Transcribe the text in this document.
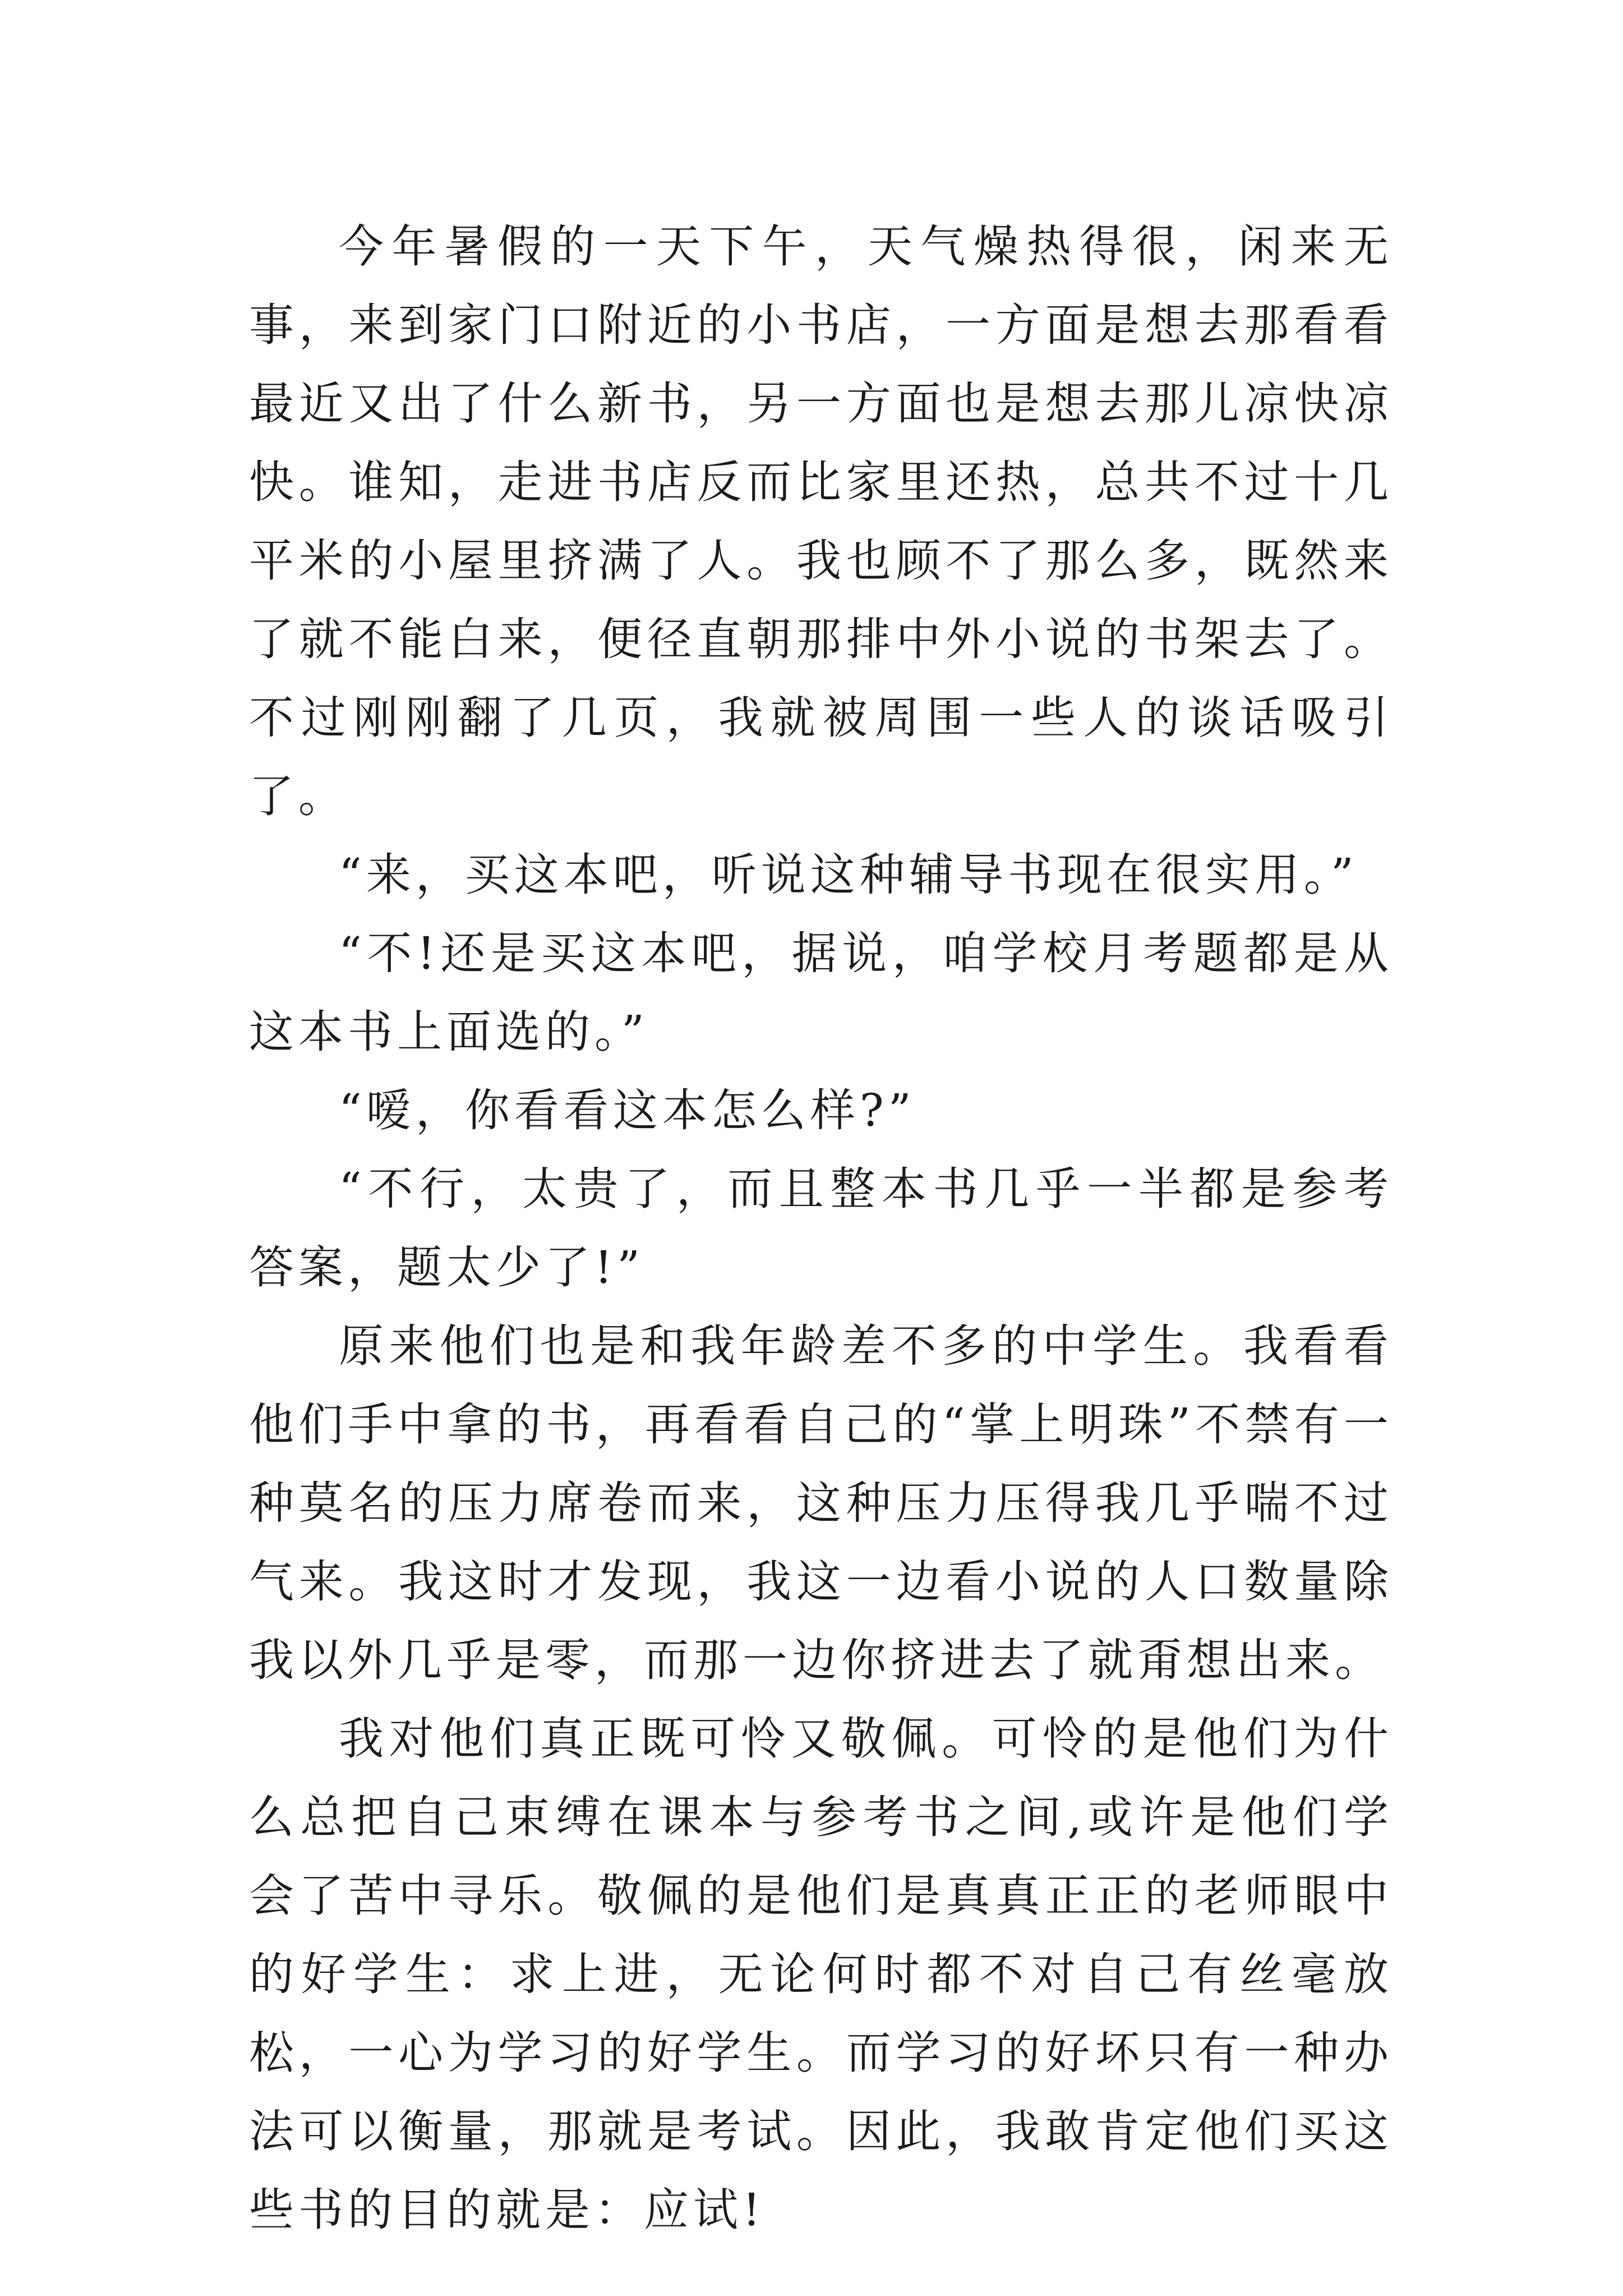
今年暑假的一天下午，天气燥热得很，闲来无事，来到家门口附近的小书店，一方面是想去那看看最近又出了什么新书，另一方面也是想去那儿凉快凉快。谁知，走进书店反而比家里还热，总共不过十几平米的小屋里挤满了人。我也顾不了那么多，既然来了就不能白来，便径直朝那排中外小说的书架去了。不过刚刚翻了几页，我就被周围一些人的谈话吸引了。

“来，买这本吧，听说这种辅导书现在很实用。”

“不!还是买这本吧，据说，咱学校月考题都是从这本书上面选的。”

“嗳，你看看这本怎么样?”

“不行，太贵了，而且整本书几乎一半都是参考答案，题太少了!”

原来他们也是和我年龄差不多的中学生。我看看他们手中拿的书，再看看自己的“掌上明珠”不禁有一种莫名的压力席卷而来，这种压力压得我几乎喘不过气来。我这时才发现，我这一边看小说的人口数量除我以外几乎是零，而那一边你挤进去了就甭想出来。

我对他们真正既可怜又敬佩。可怜的是他们为什么总把自己束缚在课本与参考书之间,或许是他们学会了苦中寻乐。敬佩的是他们是真真正正的老师眼中的好学生：求上进，无论何时都不对自己有丝毫放松，一心为学习的好学生。而学习的好坏只有一种办法可以衡量，那就是考试。因此，我敢肯定他们买这些书的目的就是：应试!
